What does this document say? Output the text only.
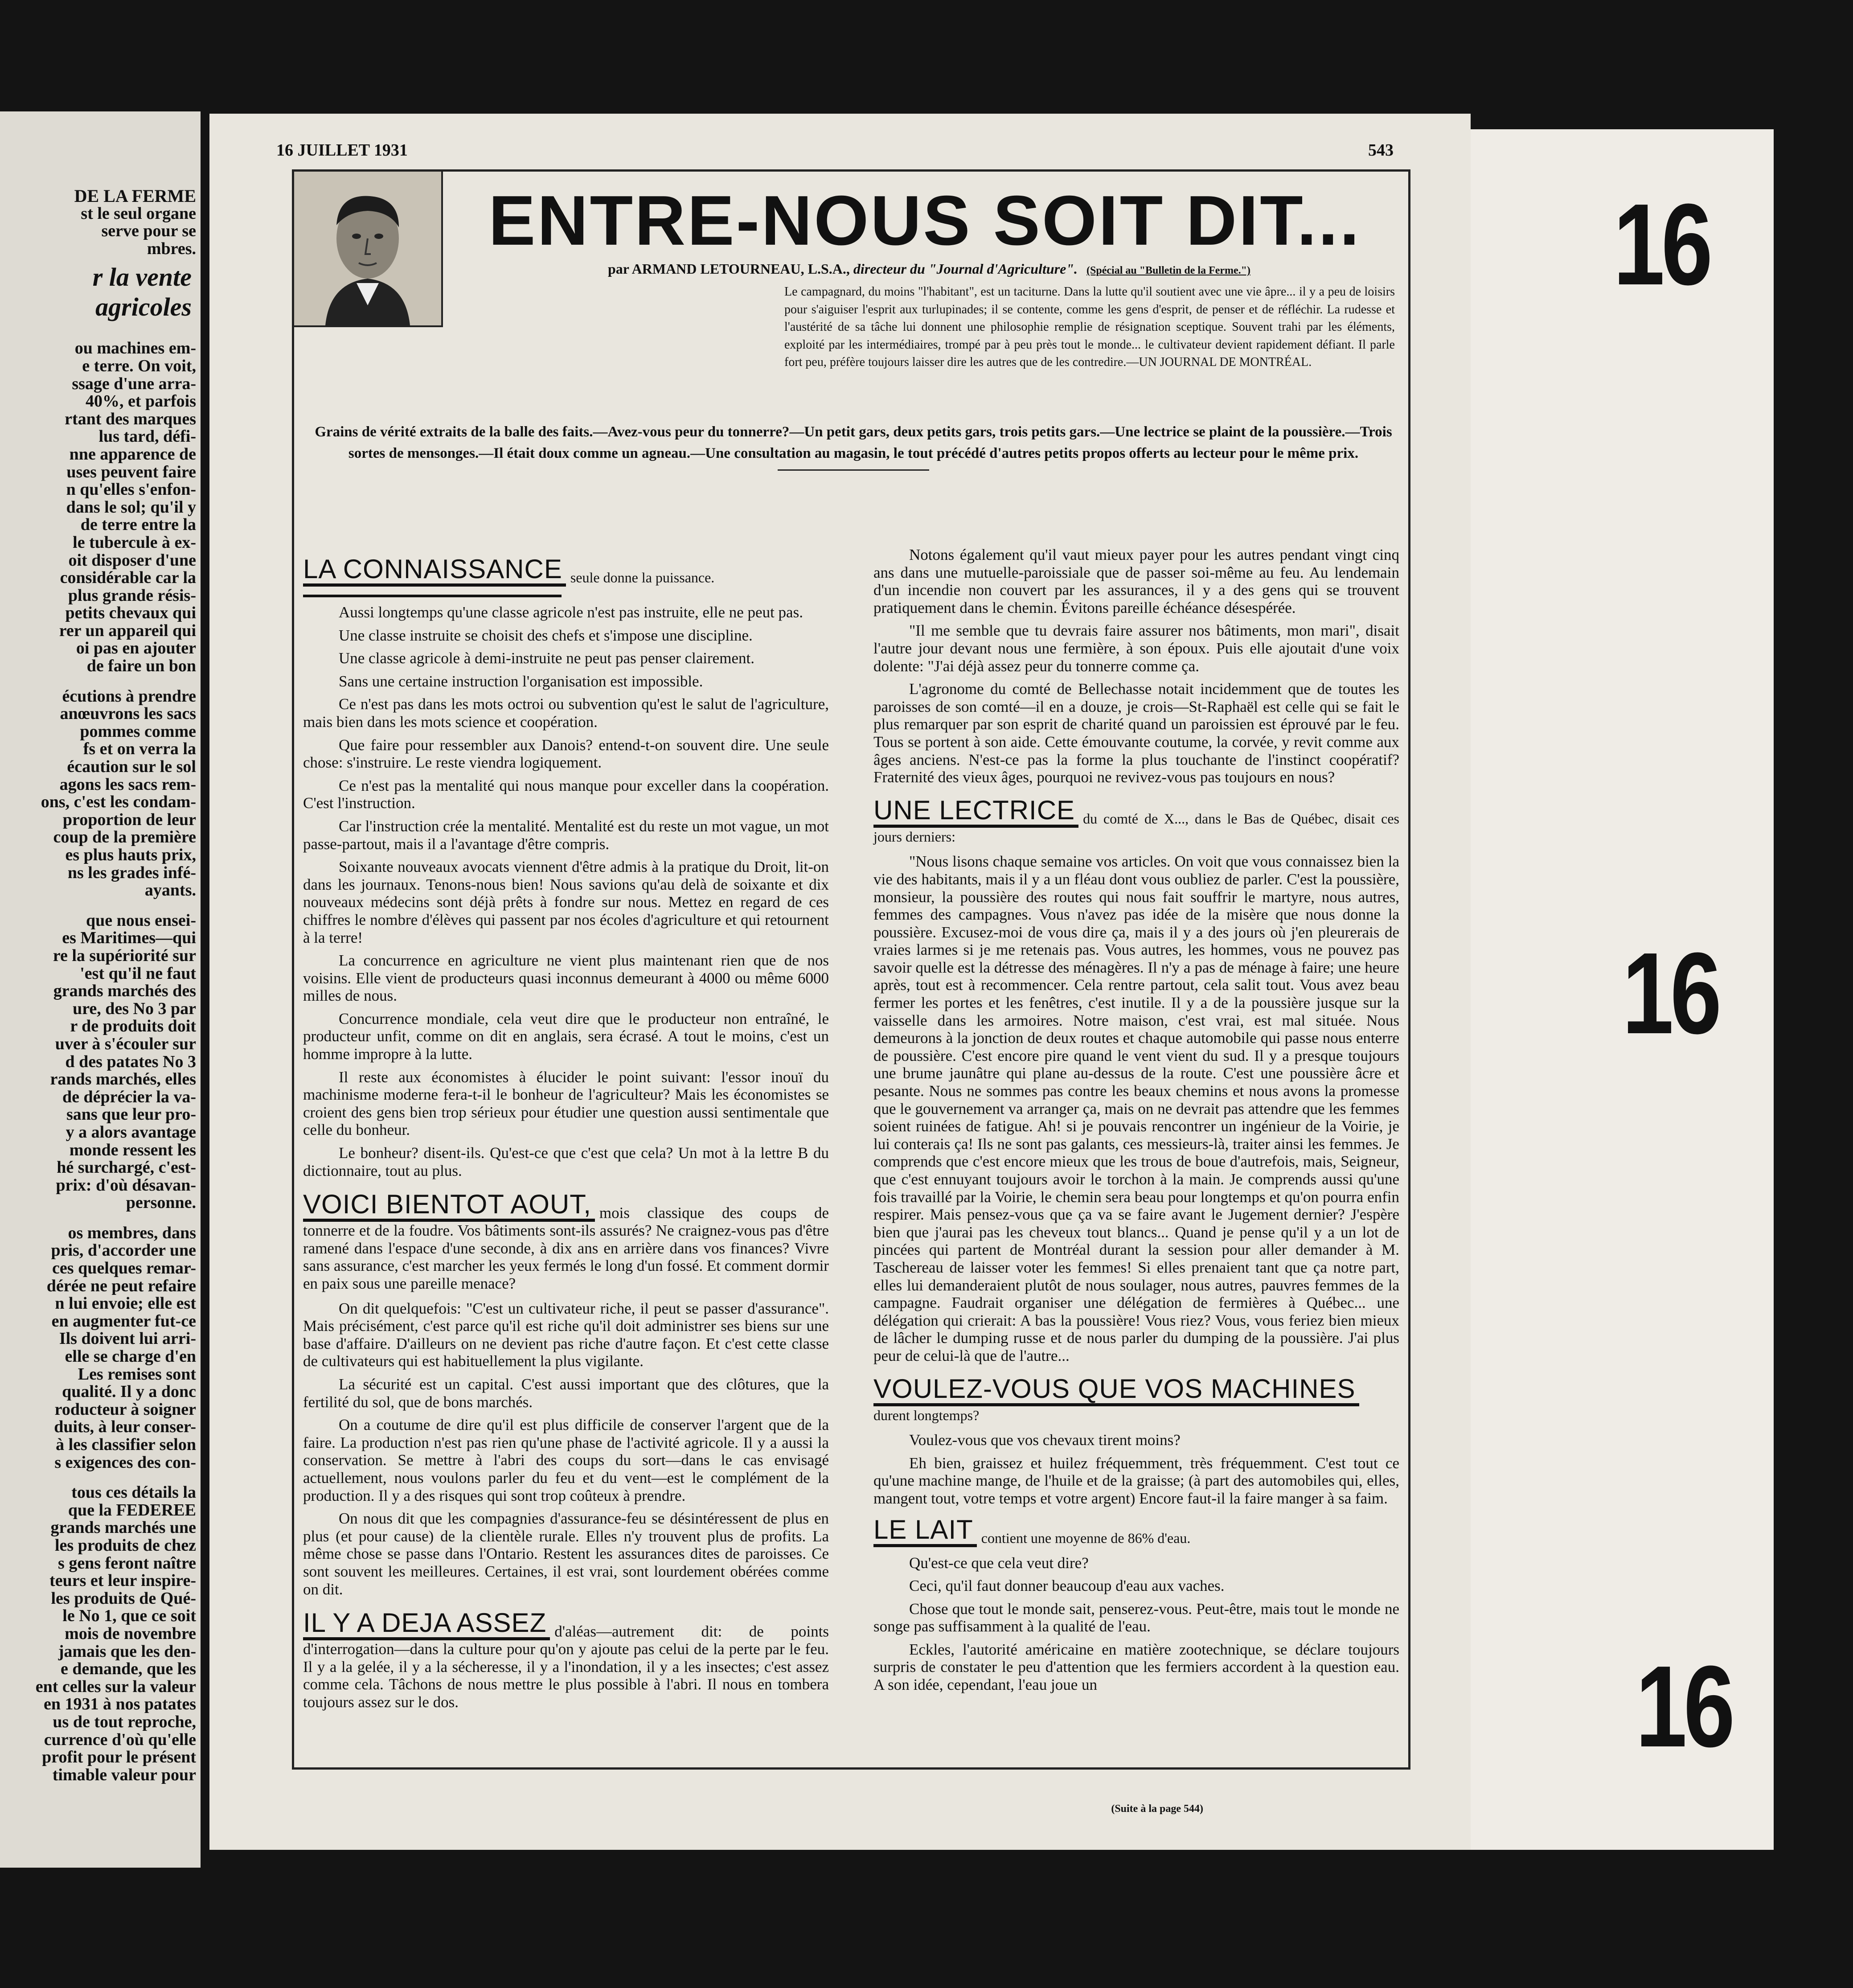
DE LA FERME
st le seul organe
serve pour se
mbres.
r la vente
agricoles
ou machines em-
e terre. On voit,
ssage d'une arra-
40%, et parfois
rtant des marques
lus tard, défi-
nne apparence de
uses peuvent faire
n qu'elles s'enfon-
dans le sol; qu'il y
de terre entre la
le tubercule à ex-
oit disposer d'une
considérable car la
plus grande résis-
petits chevaux qui
rer un appareil qui
oi pas en ajouter
de faire un bon
écutions à prendre
anœuvrons les sacs
pommes comme
fs et on verra la
écaution sur le sol
agons les sacs rem-
ons, c'est les condam-
proportion de leur
coup de la première
es plus hauts prix,
ns les grades infé-
ayants.
que nous ensei-
es Maritimes—qui
re la supériorité sur
'est qu'il ne faut
grands marchés des
ure, des No 3 par
r de produits doit
uver à s'écouler sur
d des patates No 3
rands marchés, elles
de déprécier la va-
sans que leur pro-
y a alors avantage
monde ressent les
hé surchargé, c'est-
prix: d'où désavan-
personne.
os membres, dans
pris, d'accorder une
ces quelques remar-
dérée ne peut refaire
n lui envoie; elle est
en augmenter fut-ce
Ils doivent lui arri-
elle se charge d'en
Les remises sont
qualité. Il y a donc
roducteur à soigner
duits, à leur conser-
à les classifier selon
s exigences des con-
tous ces détails la
que la FEDEREE
grands marchés une
les produits de chez
s gens feront naître
teurs et leur inspire-
les produits de Qué-
le No 1, que ce soit
mois de novembre
jamais que les den-
e demande, que les
ent celles sur la valeur
en 1931 à nos patates
us de tout reproche,
currence d'où qu'elle
profit pour le présent
timable valeur pour
16 JUILLET 1931	543
ENTRE-NOUS SOIT DIT...
par ARMAND LETOURNEAU, L.S.A., directeur du "Journal d'Agriculture". (Spécial au "Bulletin de la Ferme.")
Le campagnard, du moins "l'habitant", est un taciturne. Dans la lutte qu'il soutient avec une vie âpre... il y a peu de loisirs pour s'aiguiser l'esprit aux turlupinades; il se contente, comme les gens d'esprit, de penser et de réfléchir. La rudesse et l'austérité de sa tâche lui donnent une philosophie remplie de résignation sceptique. Souvent trahi par les éléments, exploité par les intermédiaires, trompé par à peu près tout le monde... le cultivateur devient rapidement défiant. Il parle fort peu, préfère toujours laisser dire les autres que de les contredire.—UN JOURNAL DE MONTRÉAL.
Grains de vérité extraits de la balle des faits.—Avez-vous peur du tonnerre?—Un petit gars, deux petits gars, trois petits gars.—Une lectrice se plaint de la poussière.—Trois sortes de mensonges.—Il était doux comme un agneau.—Une consultation au magasin, le tout précédé d'autres petits propos offerts au lecteur pour le même prix.
LA CONNAISSANCE seule donne la puissance.

Aussi longtemps qu'une classe agricole n'est pas instruite, elle ne peut pas.

Une classe instruite se choisit des chefs et s'impose une discipline.

Une classe agricole à demi-instruite ne peut pas penser clairement.

Sans une certaine instruction l'organisation est impossible.

Ce n'est pas dans les mots octroi ou subvention qu'est le salut de l'agriculture, mais bien dans les mots science et coopération.

Que faire pour ressembler aux Danois? entend-t-on souvent dire. Une seule chose: s'instruire. Le reste viendra logiquement.

Ce n'est pas la mentalité qui nous manque pour exceller dans la coopération. C'est l'instruction.

Car l'instruction crée la mentalité. Mentalité est du reste un mot vague, un mot passe-partout, mais il a l'avantage d'être compris.

Soixante nouveaux avocats viennent d'être admis à la pratique du Droit, lit-on dans les journaux. Tenons-nous bien! Nous savions qu'au delà de soixante et dix nouveaux médecins sont déjà prêts à fondre sur nous. Mettez en regard de ces chiffres le nombre d'élèves qui passent par nos écoles d'agriculture et qui retournent à la terre!

La concurrence en agriculture ne vient plus maintenant rien que de nos voisins. Elle vient de producteurs quasi inconnus demeurant à 4000 ou même 6000 milles de nous.

Concurrence mondiale, cela veut dire que le producteur non entraîné, le producteur unfit, comme on dit en anglais, sera écrasé. A tout le moins, c'est un homme impropre à la lutte.

Il reste aux économistes à élucider le point suivant: l'essor inouï du machinisme moderne fera-t-il le bonheur de l'agriculteur? Mais les économistes se croient des gens bien trop sérieux pour étudier une question aussi sentimentale que celle du bonheur.

Le bonheur? disent-ils. Qu'est-ce que c'est que cela? Un mot à la lettre B du dictionnaire, tout au plus.

VOICI BIENTOT AOUT, mois classique des coups de tonnerre et de la foudre. Vos bâtiments sont-ils assurés? Ne craignez-vous pas d'être ramené dans l'espace d'une seconde, à dix ans en arrière dans vos finances? Vivre sans assurance, c'est marcher les yeux fermés le long d'un fossé. Et comment dormir en paix sous une pareille menace?

On dit quelquefois: "C'est un cultivateur riche, il peut se passer d'assurance". Mais précisément, c'est parce qu'il est riche qu'il doit administrer ses biens sur une base d'affaire. D'ailleurs on ne devient pas riche d'autre façon. Et c'est cette classe de cultivateurs qui est habituellement la plus vigilante.

La sécurité est un capital. C'est aussi important que des clôtures, que la fertilité du sol, que de bons marchés.

On a coutume de dire qu'il est plus difficile de conserver l'argent que de la faire. La production n'est pas rien qu'une phase de l'activité agricole. Il y a aussi la conservation. Se mettre à l'abri des coups du sort—dans le cas envisagé actuellement, nous voulons parler du feu et du vent—est le complément de la production. Il y a des risques qui sont trop coûteux à prendre.

On nous dit que les compagnies d'assurance-feu se désintéressent de plus en plus (et pour cause) de la clientèle rurale. Elles n'y trouvent plus de profits. La même chose se passe dans l'Ontario. Restent les assurances dites de paroisses. Ce sont souvent les meilleures. Certaines, il est vrai, sont lourdement obérées comme on dit.

IL Y A DEJA ASSEZ d'aléas—autrement dit: de points d'interrogation—dans la culture pour qu'on y ajoute pas celui de la perte par le feu. Il y a la gelée, il y a la sécheresse, il y a l'inondation, il y a les insectes; c'est assez comme cela. Tâchons de nous mettre le plus possible à l'abri. Il nous en tombera toujours assez sur le dos.

Notons également qu'il vaut mieux payer pour les autres pendant vingt cinq ans dans une mutuelle-paroissiale que de passer soi-même au feu. Au lendemain d'un incendie non couvert par les assurances, il y a des gens qui se trouvent pratiquement dans le chemin. Évitons pareille échéance désespérée.

"Il me semble que tu devrais faire assurer nos bâtiments, mon mari", disait l'autre jour devant nous une fermière, à son époux. Puis elle ajoutait d'une voix dolente: "J'ai déjà assez peur du tonnerre comme ça.

L'agronome du comté de Bellechasse notait incidemment que de toutes les paroisses de son comté—il en a douze, je crois—St-Raphaël est celle qui se fait le plus remarquer par son esprit de charité quand un paroissien est éprouvé par le feu. Tous se portent à son aide. Cette émouvante coutume, la corvée, y revit comme aux âges anciens. N'est-ce pas la forme la plus touchante de l'instinct coopératif? Fraternité des vieux âges, pourquoi ne revivez-vous pas toujours en nous?

UNE LECTRICE du comté de X..., dans le Bas de Québec, disait ces jours derniers:

"Nous lisons chaque semaine vos articles. On voit que vous connaissez bien la vie des habitants, mais il y a un fléau dont vous oubliez de parler. C'est la poussière, monsieur, la poussière des routes qui nous fait souffrir le martyre, nous autres, femmes des campagnes. Vous n'avez pas idée de la misère que nous donne la poussière. Excusez-moi de vous dire ça, mais il y a des jours où j'en pleurerais de vraies larmes si je me retenais pas. Vous autres, les hommes, vous ne pouvez pas savoir quelle est la détresse des ménagères. Il n'y a pas de ménage à faire; une heure après, tout est à recommencer. Cela rentre partout, cela salit tout. Vous avez beau fermer les portes et les fenêtres, c'est inutile. Il y a de la poussière jusque sur la vaisselle dans les armoires. Notre maison, c'est vrai, est mal située. Nous demeurons à la jonction de deux routes et chaque automobile qui passe nous enterre de poussière. C'est encore pire quand le vent vient du sud. Il y a presque toujours une brume jaunâtre qui plane au-dessus de la route. C'est une poussière âcre et pesante. Nous ne sommes pas contre les beaux chemins et nous avons la promesse que le gouvernement va arranger ça, mais on ne devrait pas attendre que les femmes soient ruinées de fatigue. Ah! si je pouvais rencontrer un ingénieur de la Voirie, je lui conterais ça! Ils ne sont pas galants, ces messieurs-là, traiter ainsi les femmes. Je comprends que c'est encore mieux que les trous de boue d'autrefois, mais, Seigneur, que c'est ennuyant toujours avoir le torchon à la main. Je comprends aussi qu'une fois travaillé par la Voirie, le chemin sera beau pour longtemps et qu'on pourra enfin respirer. Mais pensez-vous que ça va se faire avant le Jugement dernier? J'espère bien que j'aurai pas les cheveux tout blancs... Quand je pense qu'il y a un lot de pincées qui partent de Montréal durant la session pour aller demander à M. Taschereau de laisser voter les femmes! Si elles prenaient tant que ça notre part, elles lui demanderaient plutôt de nous soulager, nous autres, pauvres femmes de la campagne. Faudrait organiser une délégation de fermières à Québec... une délégation qui crierait: A bas la poussière! Vous riez? Vous, vous feriez bien mieux de lâcher le dumping russe et de nous parler du dumping de la poussière. J'ai plus peur de celui-là que de l'autre...

VOULEZ-VOUS QUE VOS MACHINESdurent longtemps?

Voulez-vous que vos chevaux tirent moins?

Eh bien, graissez et huilez fréquemment, très fréquemment. C'est tout ce qu'une machine mange, de l'huile et de la graisse; (à part des automobiles qui, elles, mangent tout, votre temps et votre argent) Encore faut-il la faire manger à sa faim.

LE LAIT contient une moyenne de 86% d'eau.

Qu'est-ce que cela veut dire?

Ceci, qu'il faut donner beaucoup d'eau aux vaches.

Chose que tout le monde sait, penserez-vous. Peut-être, mais tout le monde ne songe pas suffisamment à la qualité de l'eau.

Eckles, l'autorité américaine en matière zootechnique, se déclare toujours surpris de constater le peu d'attention que les fermiers accordent à la question eau. A son idée, cependant, l'eau joue un

(Suite à la page 544)
16
16
16
